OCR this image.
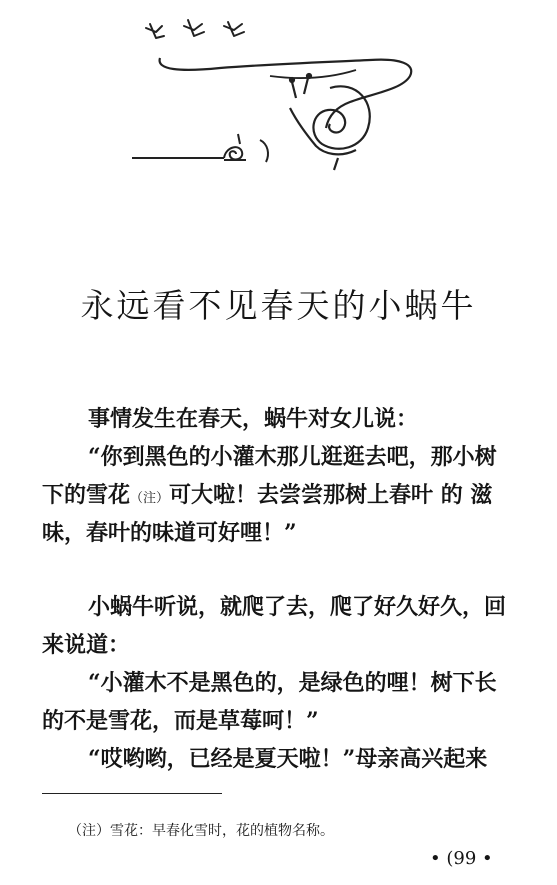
永远看不见春天的小蜗牛
事情发生在春天，蜗牛对女儿说：
“你到黑色的小灌木那儿逛逛去吧，那小树
下的雪花（注）可大啦！去尝尝那树上春叶 的 滋
味，春叶的味道可好哩！”
小蜗牛听说，就爬了去，爬了好久好久，回
来说道：
“小灌木不是黑色的，是绿色的哩！树下长
的不是雪花，而是草莓呵！”
“哎哟哟，已经是夏天啦！”母亲高兴起来
（注）雪花：早春化雪时，花的植物名称。
• (99 •
